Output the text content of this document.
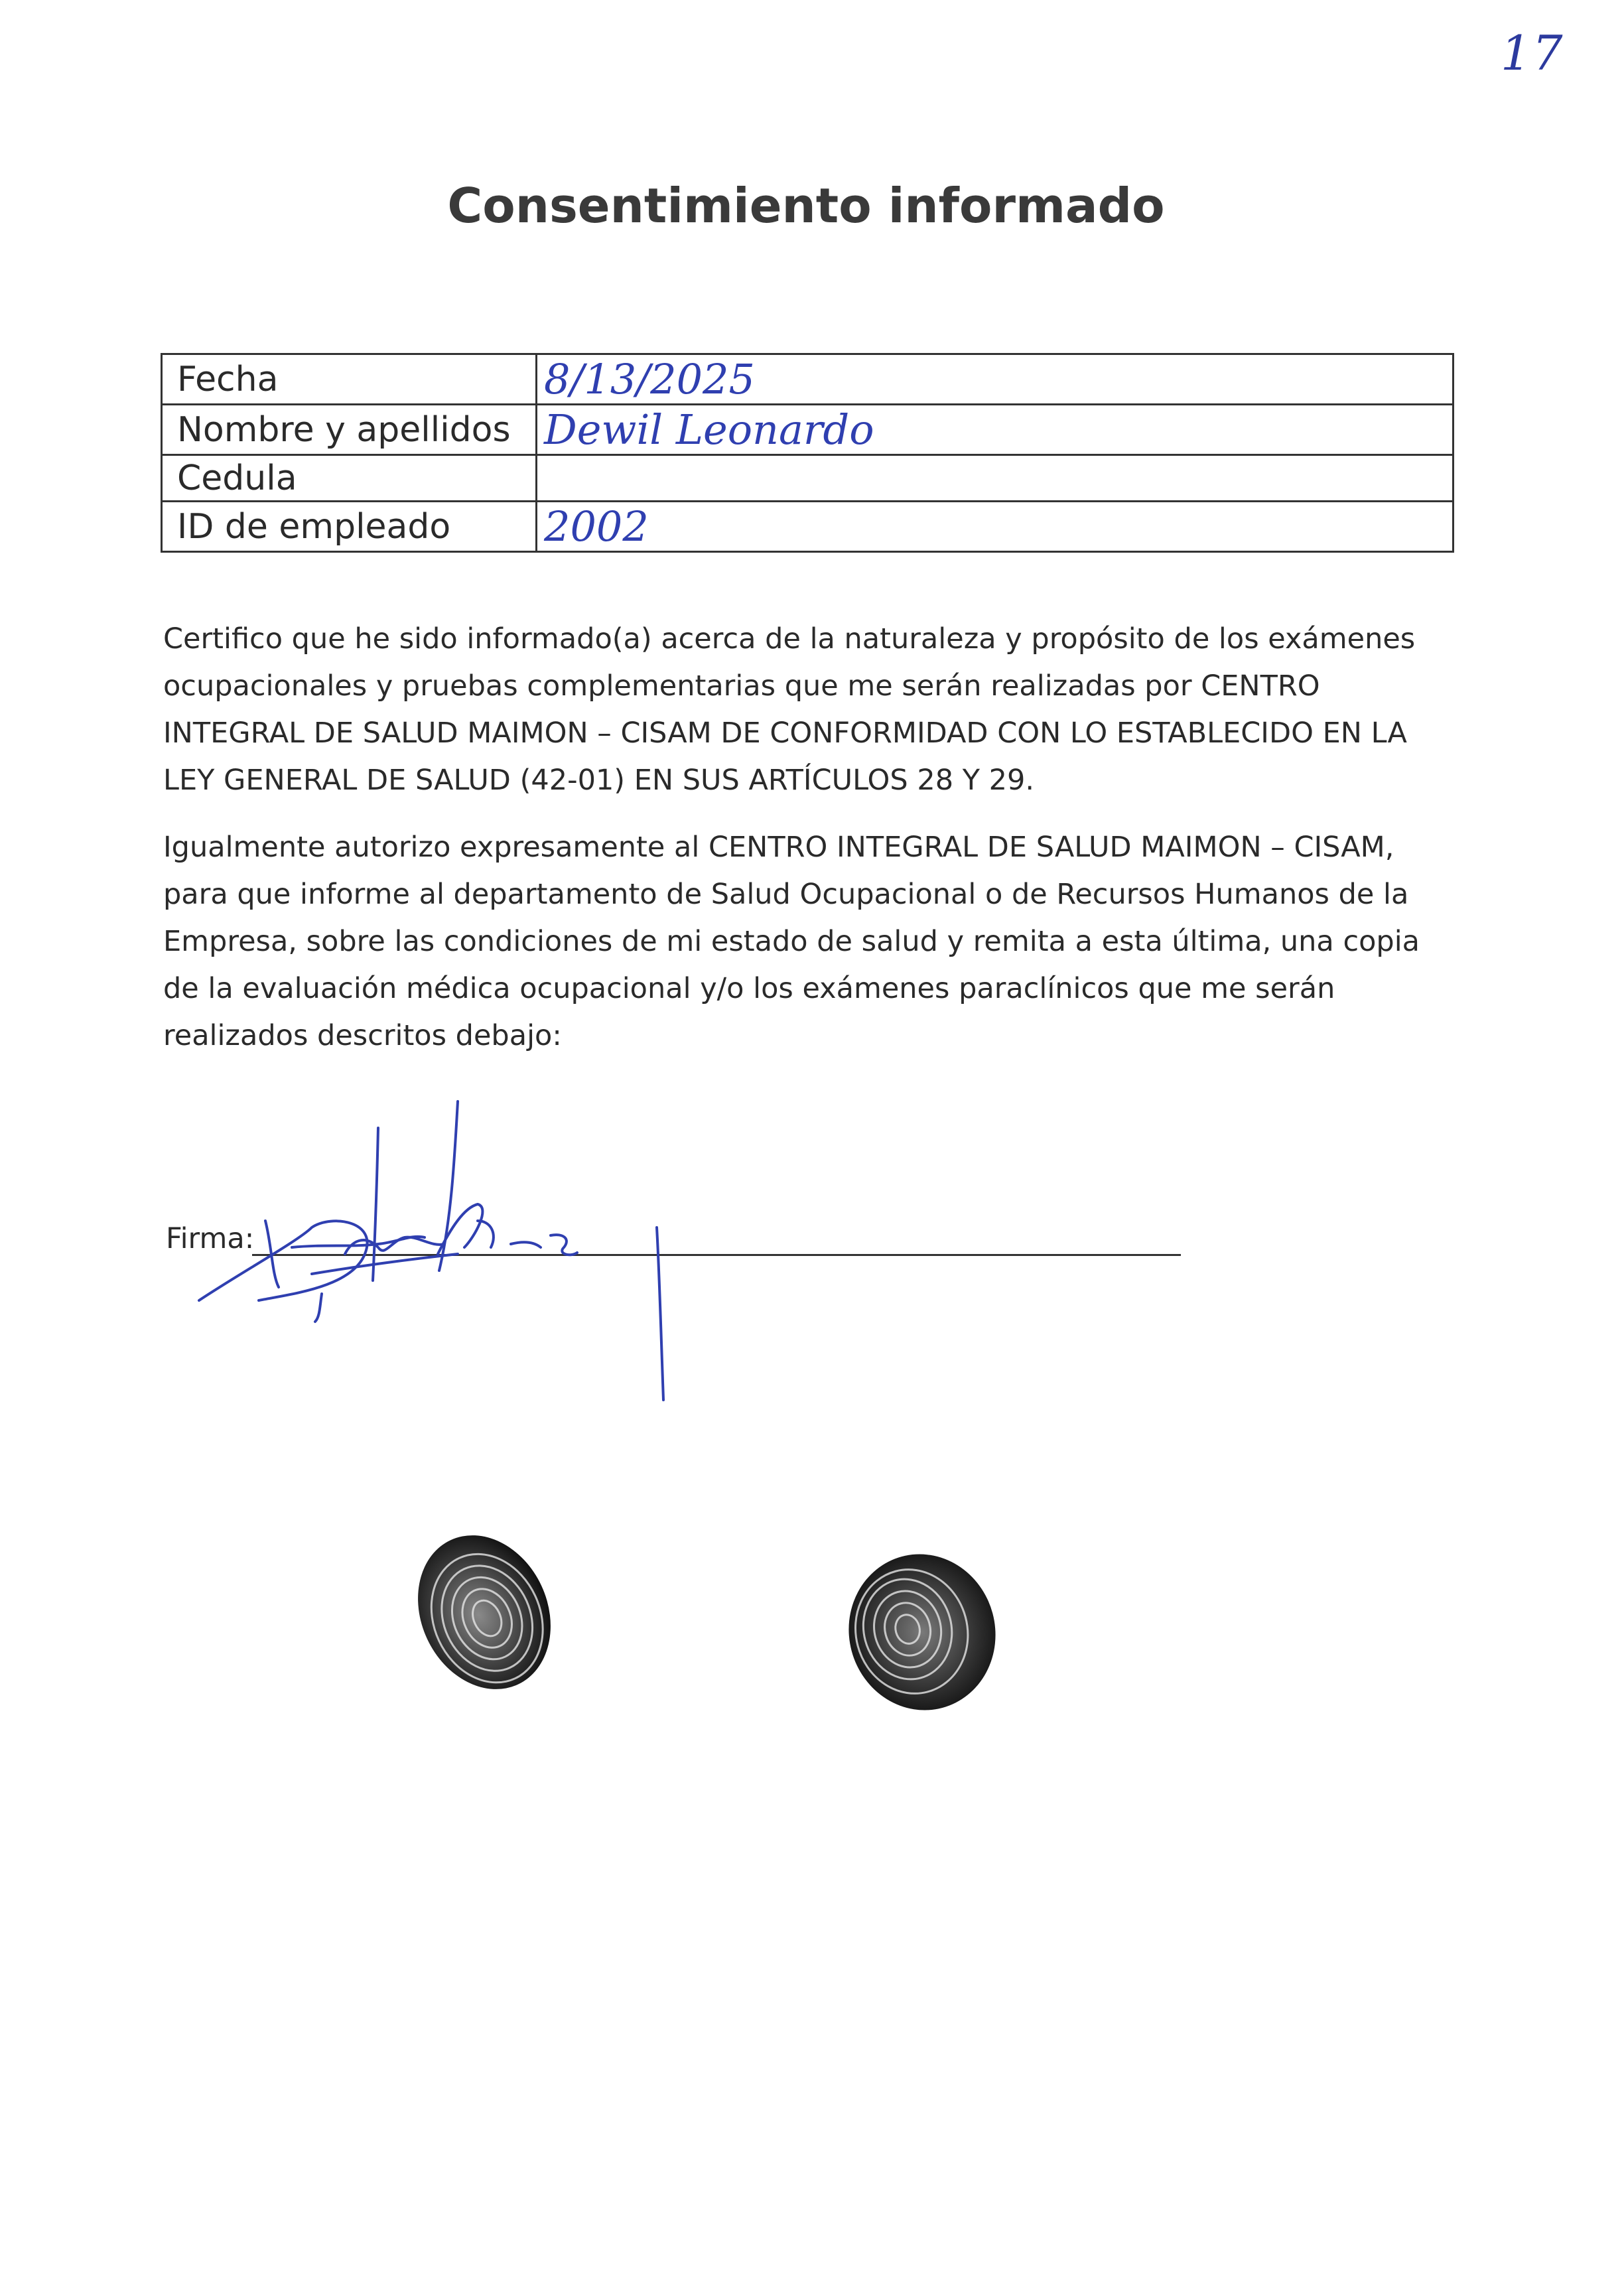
17
Consentimiento informado
Fecha	8/13/2025
Nombre y apellidos	Dewil Leonardo
Cedula	
ID de empleado	2002

Certifico que he sido informado(a) acerca de la naturaleza y propósito de los exámenes ocupacionales y pruebas complementarias que me serán realizadas por CENTRO INTEGRAL DE SALUD MAIMON – CISAM DE CONFORMIDAD CON LO ESTABLECIDO EN LA LEY GENERAL DE SALUD (42-01) EN SUS ARTÍCULOS 28 Y 29.

Igualmente autorizo expresamente al CENTRO INTEGRAL DE SALUD MAIMON – CISAM, para que informe al departamento de Salud Ocupacional o de Recursos Humanos de la Empresa, sobre las condiciones de mi estado de salud y remita a esta última, una copia de la evaluación médica ocupacional y/o los exámenes paraclínicos que me serán realizados descritos debajo:

Firma:
